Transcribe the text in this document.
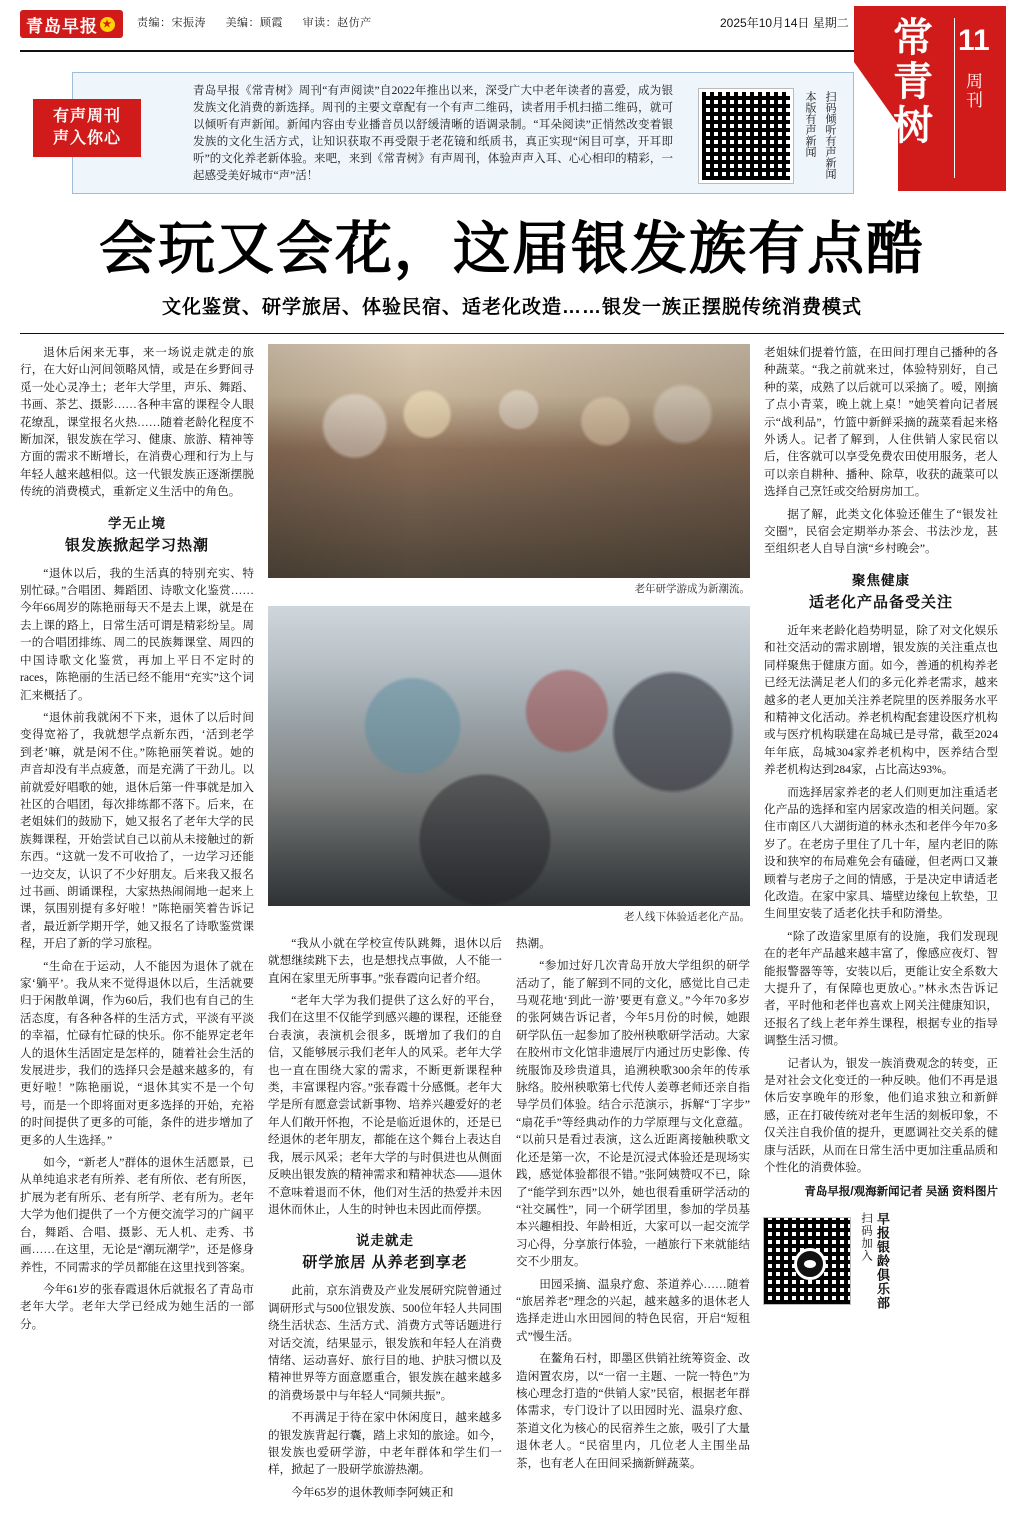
青岛早报 ★ 责编：宋振涛 美编：顾霞 审读：赵仿产	2025年10月14日 星期二 常青树
11
周刊
有声周刊
声入你心
青岛早报《常青树》周刊“有声阅读”自2022年推出以来，深受广大中老年读者的喜爱，成为银发族文化消费的新选择。周刊的主要文章配有一个有声二维码，读者用手机扫描二维码，就可以倾听有声新闻。新闻内容由专业播音员以舒缓清晰的语调录制。“耳朵阅读”正悄然改变着银发族的文化生活方式，让知识获取不再受限于老花镜和纸质书，真正实现“闲目可享，开耳即听”的文化养老新体验。来吧，来到《常青树》有声周刊，体验声声入耳、心心相印的精彩，一起感受美好城市“声”活！	扫码倾听有声新闻
本版有声新闻
会玩又会花，这届银发族有点酷
文化鉴赏、研学旅居、体验民宿、适老化改造……银发一族正摆脱传统消费模式

退休后闲来无事，来一场说走就走的旅行，在大好山河间领略风情，或是在乡野间寻觅一处心灵净土；老年大学里，声乐、舞蹈、书画、茶艺、摄影……各种丰富的课程令人眼花缭乱，课堂报名火热……随着老龄化程度不断加深，银发族在学习、健康、旅游、精神等方面的需求不断增长，在消费心理和行为上与年轻人越来越相似。这一代银发族正逐渐摆脱传统的消费模式，重新定义生活中的角色。

学无止境
银发族掀起学习热潮

“退休以后，我的生活真的特别充实、特别忙碌。”合唱团、舞蹈团、诗歌文化鉴赏……今年66周岁的陈艳丽每天不是去上课，就是在去上课的路上，日常生活可谓是精彩纷呈。周一的合唱团排练、周二的民族舞课堂、周四的中国诗歌文化鉴赏，再加上平日不定时的races，陈艳丽的生活已经不能用“充实”这个词汇来概括了。

“退休前我就闲不下来，退休了以后时间变得宽裕了，我就想学点新东西，‘活到老学到老’嘛，就是闲不住。”陈艳丽笑着说。她的声音却没有半点疲惫，而是充满了干劲儿。以前就爱好唱歌的她，退休后第一件事就是加入社区的合唱团，每次排练都不落下。后来，在老姐妹们的鼓励下，她又报名了老年大学的民族舞课程，开始尝试自己以前从未接触过的新东西。“这就一发不可收拾了，一边学习还能一边交友，认识了不少好朋友。后来我又报名过书画、朗诵课程，大家热热闹闹地一起来上课，氛围别提有多好啦！”陈艳丽笑着告诉记者，最近新学期开学，她又报名了诗歌鉴赏课程，开启了新的学习旅程。

“生命在于运动，人不能因为退休了就在家‘躺平’。我从来不觉得退休以后，生活就要归于闲散单调，作为60后，我们也有自己的生活态度，有各种各样的生活方式，平淡有平淡的幸福，忙碌有忙碌的快乐。你不能界定老年人的退休生活固定是怎样的，随着社会生活的发展进步，我们的选择只会是越来越多的，有更好啦！”陈艳丽说，“退休其实不是一个句号，而是一个即将面对更多选择的开始，充裕的时间提供了更多的可能，条件的进步增加了更多的人生选择。”

如今，“新老人”群体的退休生活愿景，已从单纯追求老有所养、老有所依、老有所医，扩展为老有所乐、老有所学、老有所为。老年大学为他们提供了一个方便交流学习的广阔平台，舞蹈、合唱、摄影、无人机、走秀、书画……在这里，无论是“潮玩潮学”，还是修身养性，不同需求的学员都能在这里找到答案。

今年61岁的张春霞退休后就报名了青岛市老年大学。老年大学已经成为她生活的一部分。

老年研学游成为新潮流。
老人线下体验适老化产品。

“我从小就在学校宣传队跳舞，退休以后就想继续跳下去，也是想找点事做，人不能一直闲在家里无所事事。”张春霞向记者介绍。

“老年大学为我们提供了这么好的平台，我们在这里不仅能学到感兴趣的课程，还能登台表演，表演机会很多，既增加了我们的自信，又能够展示我们老年人的风采。老年大学也一直在围绕大家的需求，不断更新课程种类，丰富课程内容。”张春霞十分感慨。老年大学是所有愿意尝试新事物、培养兴趣爱好的老年人们敞开怀抱，不论是临近退休的，还是已经退休的老年朋友，都能在这个舞台上表达自我，展示风采；老年大学的与时俱进也从侧面反映出银发族的精神需求和精神状态——退休不意味着退而不休，他们对生活的热爱并未因退休而休止，人生的时钟也未因此而停摆。

说走就走
研学旅居 从养老到享老

此前，京东消费及产业发展研究院曾通过调研形式与500位银发族、500位年轻人共同围绕生活状态、生活方式、消费方式等话题进行对话交流，结果显示，银发族和年轻人在消费情绪、运动喜好、旅行目的地、护肤习惯以及精神世界等方面意愿重合，银发族在越来越多的消费场景中与年轻人“同频共振”。

不再满足于待在家中休闲度日，越来越多的银发族背起行囊，踏上求知的旅途。如今，银发族也爱研学游，中老年群体和学生们一样，掀起了一股研学旅游热潮。

今年65岁的退休教师李阿姨正和

热潮。

“参加过好几次青岛开放大学组织的研学活动了，能了解到不同的文化，感觉比自己走马观花地‘到此一游’要更有意义。”今年70多岁的张阿姨告诉记者，今年5月份的时候，她跟研学队伍一起参加了胶州秧歌研学活动。大家在胶州市文化馆非遗展厅内通过历史影像、传统服饰及珍贵道具，追溯秧歌300余年的传承脉络。胶州秧歌第七代传人姜尊老师还亲自指导学员们体验。结合示范演示，拆解“丁字步”“扇花手”等经典动作的力学原理与文化意蕴。“以前只是看过表演，这么近距离接触秧歌文化还是第一次，不论是沉浸式体验还是现场实践，感觉体验都很不错。”张阿姨赞叹不已，除了“能学到东西”以外，她也很看重研学活动的“社交属性”，同一个研学团里，参加的学员基本兴趣相投、年龄相近，大家可以一起交流学习心得，分享旅行体验，一趟旅行下来就能结交不少朋友。

田园采摘、温泉疗愈、茶道养心……随着“旅居养老”理念的兴起，越来越多的退休老人选择走进山水田园间的特色民宿，开启“短租式”慢生活。

在鳌角石村，即墨区供销社统筹资金、改造闲置农房，以“一宿一主题、一院一特色”为核心理念打造的“供销人家”民宿，根据老年群体需求，专门设计了以田园时光、温泉疗愈、茶道文化为核心的民宿养生之旅，吸引了大量退休老人。“民宿里内，几位老人主围坐品茶，也有老人在田间采摘新鲜蔬菜。

老姐妹们提着竹篮，在田间打理自己播种的各种蔬菜。“我之前就来过，体验特别好，自己种的菜，成熟了以后就可以采摘了。嗳，刚摘了点小青菜，晚上就上桌！”她笑着向记者展示“战利品”，竹篮中新鲜采摘的蔬菜看起来格外诱人。记者了解到，人住供销人家民宿以后，住客就可以享受免费农田使用服务，老人可以亲自耕种、播种、除草，收获的蔬菜可以选择自己烹饪或交给厨房加工。

据了解，此类文化体验还催生了“银发社交圈”，民宿会定期举办茶会、书法沙龙，甚至组织老人自导自演“乡村晚会”。

聚焦健康
适老化产品备受关注

近年来老龄化趋势明显，除了对文化娱乐和社交活动的需求剧增，银发族的关注重点也同样聚焦于健康方面。如今，善通的机构养老已经无法满足老人们的多元化养老需求，越来越多的老人更加关注养老院里的医养服务水平和精神文化活动。养老机构配套建设医疗机构或与医疗机构联建在岛城已是寻常，截至2024年年底，岛城304家养老机构中，医养结合型养老机构达到284家，占比高达93%。

而选择居家养老的老人们则更加注重适老化产品的选择和室内居家改造的相关问题。家住市南区八大湖街道的林永杰和老伴今年70多岁了。在老房子里住了几十年，屋内老旧的陈设和狭窄的布局难免会有磕碰，但老两口又兼顾着与老房子之间的情感，于是决定申请适老化改造。在家中家具、墙壁边缘包上软垫，卫生间里安装了适老化扶手和防滑垫。

“除了改造家里原有的设施，我们发现现在的老年产品越来越丰富了，像感应夜灯、智能报警器等等，安装以后，更能让安全系数大大提升了，有保障也更放心。”林永杰告诉记者，平时他和老伴也喜欢上网关注健康知识，还报名了线上老年养生课程，根据专业的指导调整生活习惯。

记者认为，银发一族消费观念的转变，正是对社会文化变迁的一种反映。他们不再是退休后安享晚年的形象，他们追求独立和新鲜感，正在打破传统对老年生活的刻板印象，不仅关注自我价值的提升，更愿调社交关系的健康与活跃，从而在日常生活中更加注重品质和个性化的消费体验。

青岛早报/观海新闻记者 吴涵 资料图片
扫码加入 早报银龄俱乐部
